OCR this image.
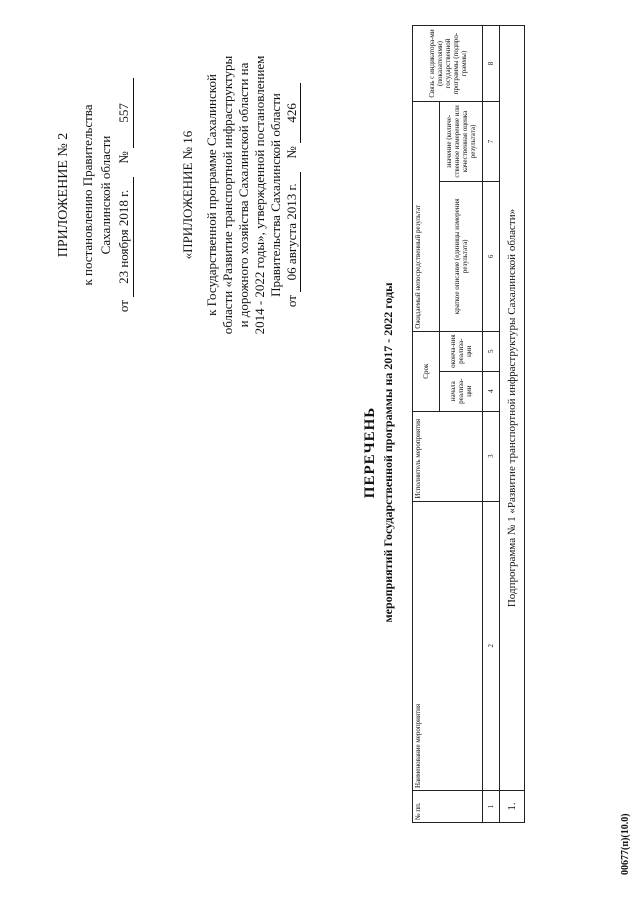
ПРИЛОЖЕНИЕ № 2 к постановлению Правительства Сахалинской области
от 23 ноября 2018 г. № 557
«ПРИЛОЖЕНИЕ № 16 к Государственной программе Сахалинской области «Развитие транспортной инфраструктуры и дорожного хозяйства Сахалинской области на 2014 - 2022 годы», утвержденной постановлением Правительства Сахалинской области
от 06 августа 2013 г. № 426
ПЕРЕЧЕНЬ мероприятий Государственной программы на 2017 - 2022 годы
№ пп.	Наименование мероприятия	Исполнитель мероприятия	Срок		Ожидаемый непосредственный результат		Связь с индикатора-ми (показателями) государственной программы (подпро-граммы)
			начала реализа-ции	оконча-ния реализа-ции	краткое описание (единицы измерения результата)	значение (количе-ственное измерение или качественная оценка результата)	
1	2	3	4	5	6	7	8
1.	Подпрограмма № 1 «Развитие транспортной инфраструктуры Сахалинской области»						
00677(п)(10.0)
